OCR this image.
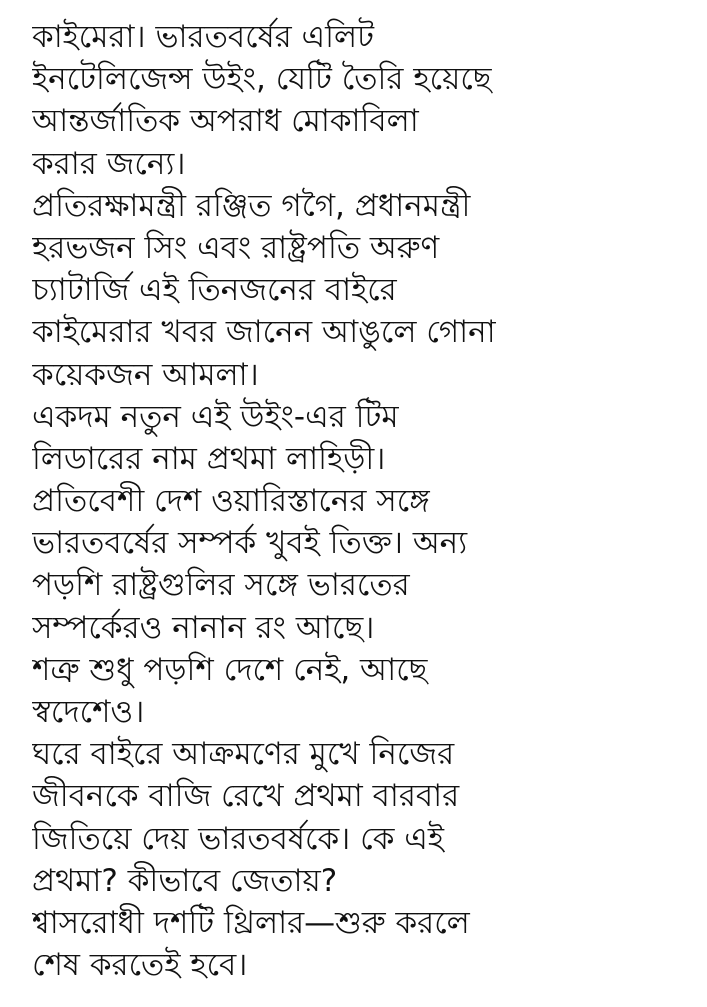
কাইমেরা। ভারতবর্ষের এলিট
ইনটেলিজেন্স উইং, যেটি তৈরি হয়েছে
আন্তর্জাতিক অপরাধ মোকাবিলা
করার জন্যে।
প্রতিরক্ষামন্ত্রী রঞ্জিত গগৈ, প্রধানমন্ত্রী
হরভজন সিং এবং রাষ্ট্রপতি অরুণ
চ্যাটার্জি এই তিনজনের বাইরে
কাইমেরার খবর জানেন আঙুলে গোনা
কয়েকজন আমলা।
একদম নতুন এই উইং-এর টিম
লিডারের নাম প্রথমা লাহিড়ী।
প্রতিবেশী দেশ ওয়ারিস্তানের সঙ্গে
ভারতবর্ষের সম্পর্ক খুবই তিক্ত। অন্য
পড়শি রাষ্ট্রগুলির সঙ্গে ভারতের
সম্পর্কেরও নানান রং আছে।
শত্রু শুধু পড়শি দেশে নেই, আছে
স্বদেশেও।
ঘরে বাইরে আক্রমণের মুখে নিজের
জীবনকে বাজি রেখে প্রথমা বারবার
জিতিয়ে দেয় ভারতবর্ষকে। কে এই
প্রথমা? কীভাবে জেতায়?
শ্বাসরোধী দশটি থ্রিলার—শুরু করলে
শেষ করতেই হবে।
